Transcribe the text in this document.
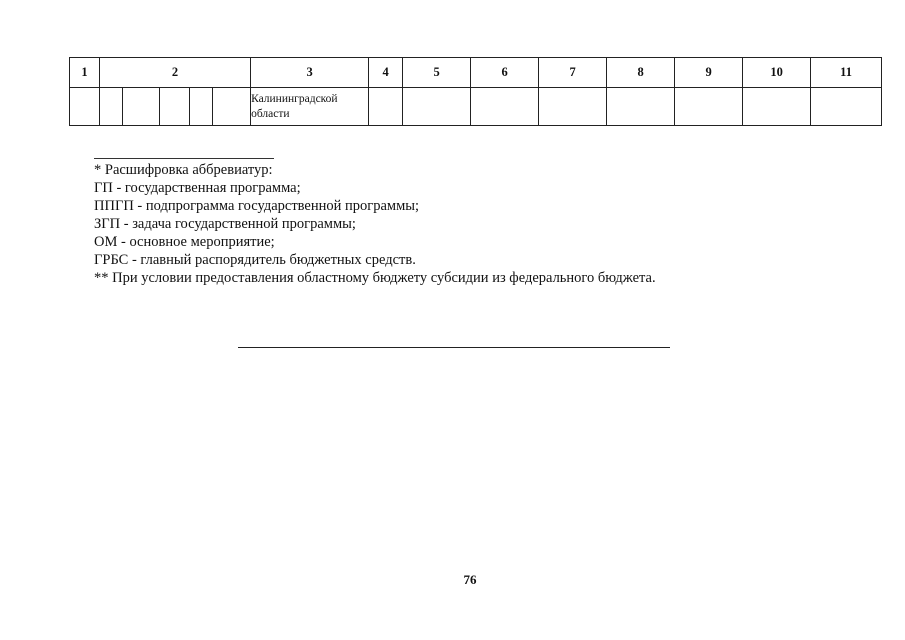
1	2					3	4	5	6	7	8	9	10	11
						Калининградской
области								
* Расшифровка аббревиатур:
ГП - государственная программа;
ППГП - подпрограмма государственной программы;
ЗГП - задача государственной программы;
ОМ - основное мероприятие;
ГРБС - главный распорядитель бюджетных средств.
** При условии предоставления областному бюджету субсидии из федерального бюджета.
76
